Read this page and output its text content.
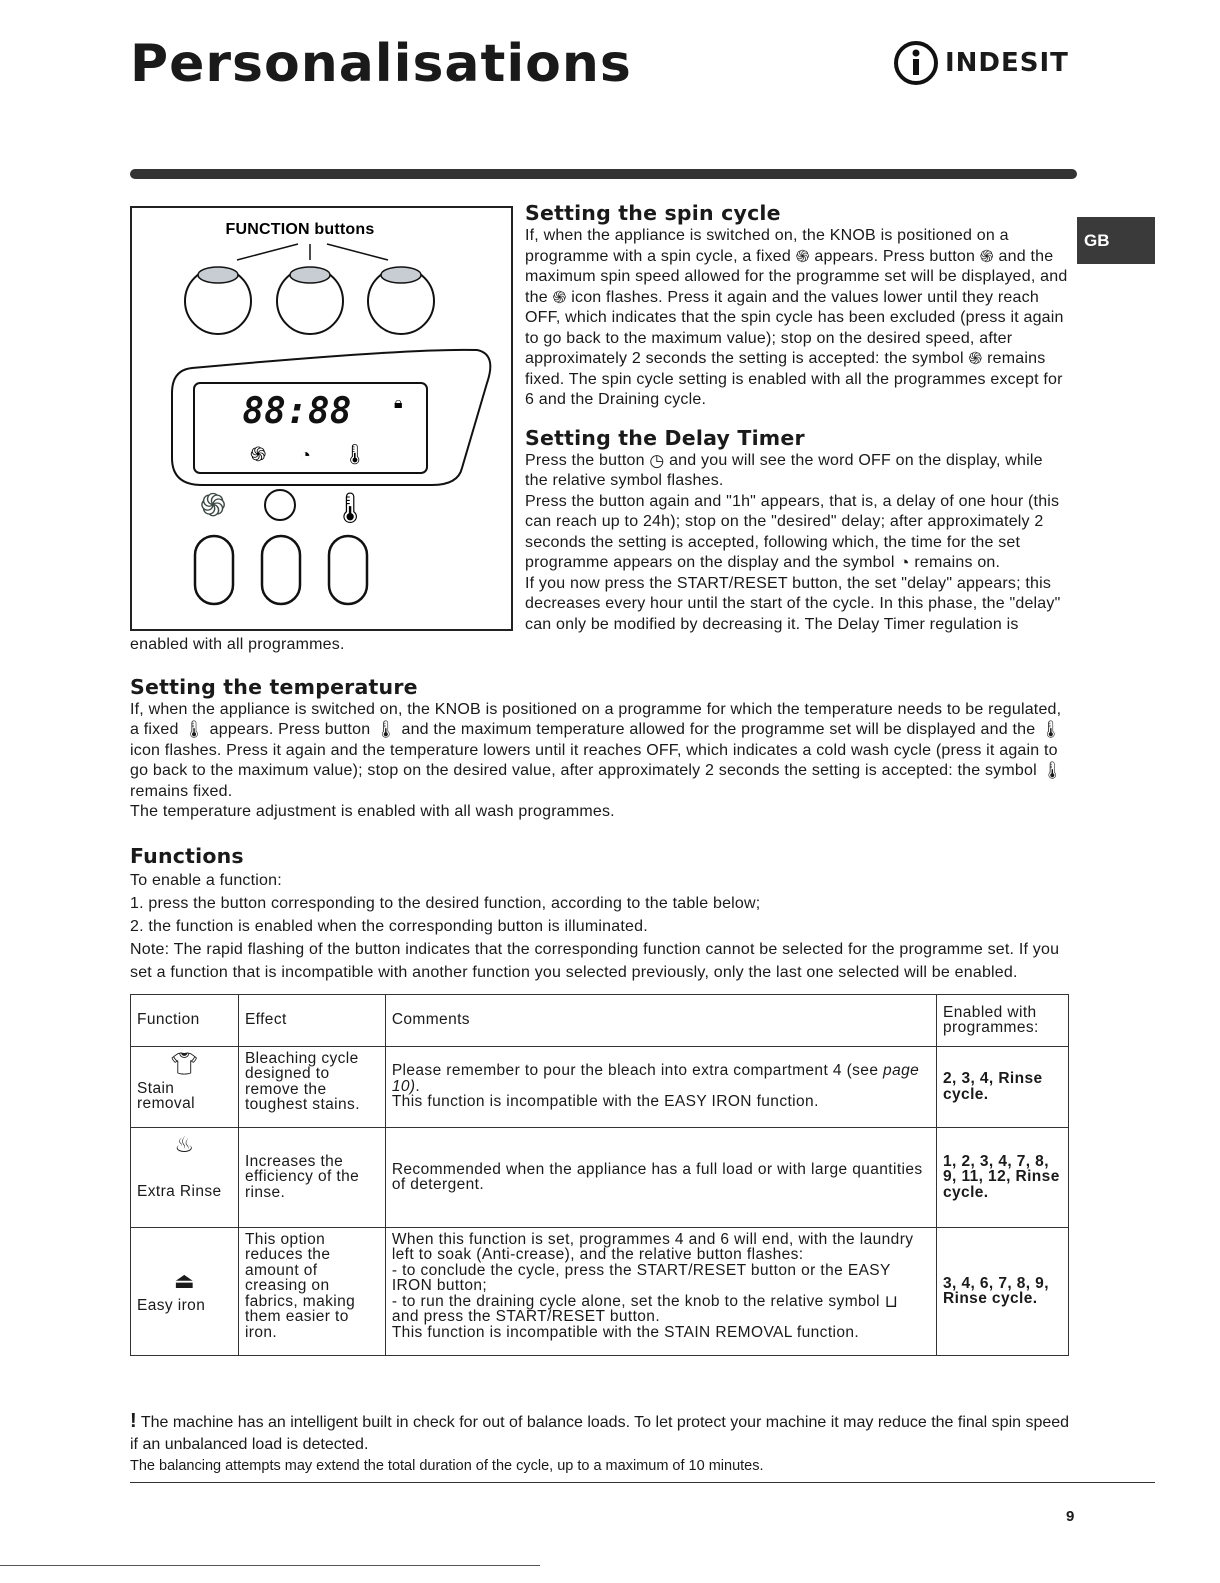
Personalisations	INDESIT
GB
FUNCTION buttons
88:88	🔒︎
֍ ◔ 🌡︎
֍	🌡︎
Setting the spin cycle

If, when the appliance is switched on, the KNOB is positioned on a programme with a spin cycle, a fixed ֍ appears. Press button ֍ and the maximum spin speed allowed for the programme set will be displayed, and the ֍ icon flashes. Press it again and the values lower until they reach OFF, which indicates that the spin cycle has been excluded (press it again to go back to the maximum value); stop on the desired speed, after approximately 2 seconds the setting is accepted: the symbol ֍ remains fixed. The spin cycle setting is enabled with all the programmes except for 6 and the Draining cycle.

Setting the Delay Timer

Press the button ◷ and you will see the word OFF on the display, while the relative symbol flashes.
Press the button again and "1h" appears, that is, a delay of one hour (this can reach up to 24h); stop on the "desired" delay; after approximately 2 seconds the setting is accepted, following which, the time for the set programme appears on the display and the symbol ◔ remains on.
If you now press the START/RESET button, the set "delay" appears; this decreases every hour until the start of the cycle. In this phase, the "delay" can only be modified by decreasing it. The Delay Timer regulation is enabled with all programmes.

Setting the temperature

If, when the appliance is switched on, the KNOB is positioned on a programme for which the temperature needs to be regulated, a fixed 🌡︎ appears. Press button 🌡︎ and the maximum temperature allowed for the programme set will be displayed and the 🌡︎ icon flashes. Press it again and the temperature lowers until it reaches OFF, which indicates a cold wash cycle (press it again to go back to the maximum value); stop on the desired value, after approximately 2 seconds the setting is accepted: the symbol 🌡︎ remains fixed.
The temperature adjustment is enabled with all wash programmes.

Functions

To enable a function:
1. press the button corresponding to the desired function, according to the table below;
2. the function is enabled when the corresponding button is illuminated.
Note: The rapid flashing of the button indicates that the corresponding function cannot be selected for the programme set. If you set a function that is incompatible with another function you selected previously, only the last one selected will be enabled.

Function	Effect	Comments	Enabled with programmes:

👕︎
Stain removal	Bleaching cycle designed to remove the toughest stains.	Please remember to pour the bleach into extra compartment 4 (see page 10).
This function is incompatible with the EASY IRON function.	2, 3, 4, Rinse cycle.

♨
Extra Rinse	Increases the efficiency of the rinse.	Recommended when the appliance has a full load or with large quantities of detergent.	1, 2, 3, 4, 7, 8, 9, 11, 12, Rinse cycle.

⏏
Easy iron	This option reduces the amount of creasing on fabrics, making them easier to iron.	When this function is set, programmes 4 and 6 will end, with the laundry left to soak (Anti-crease), and the relative button flashes:
- to conclude the cycle, press the START/RESET button or the EASY IRON button;
- to run the draining cycle alone, set the knob to the relative symbol ⊔ and press the START/RESET button.
This function is incompatible with the STAIN REMOVAL function.	3, 4, 6, 7, 8, 9, Rinse cycle.

! The machine has an intelligent built in check for out of balance loads. To let protect your machine it may reduce the final spin speed if an unbalanced load is detected.

The balancing attempts may extend the total duration of the cycle, up to a maximum of 10 minutes.

9
